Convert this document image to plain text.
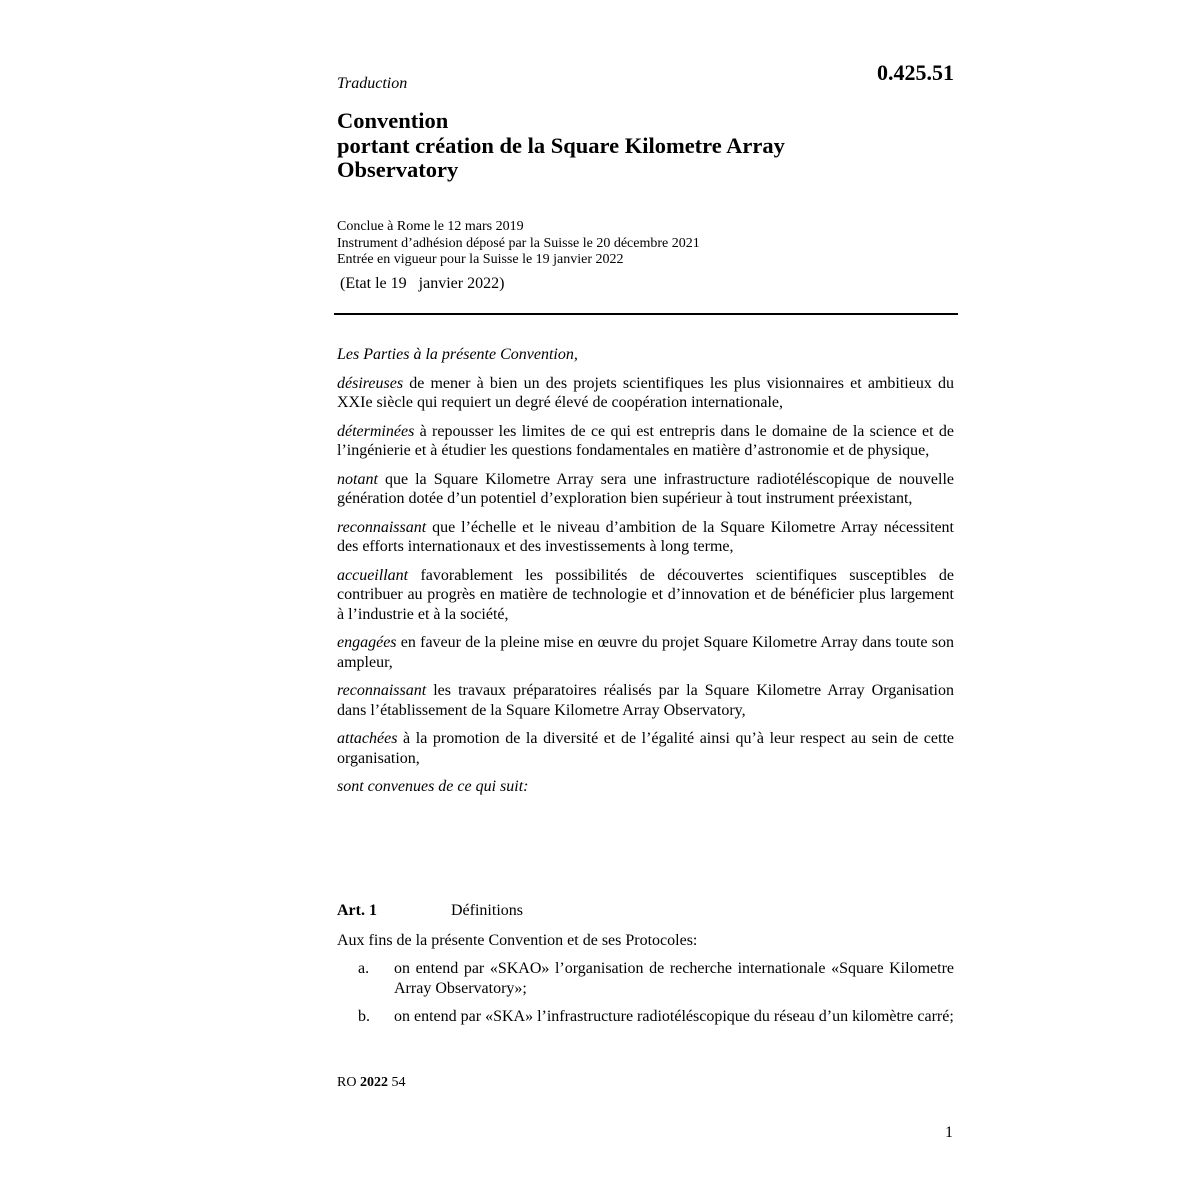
0.425.51
Traduction
Convention
portant création de la Square Kilometre Array
Observatory
Conclue à Rome le 12 mars 2019
Instrument d’adhésion déposé par la Suisse le 20 décembre 2021
Entrée en vigueur pour la Suisse le 19 janvier 2022
(Etat le 19   janvier 2022)

Les Parties à la présente Convention,

désireuses de mener à bien un des projets scientifiques les plus visionnaires et ambitieux du XXIe siècle qui requiert un degré élevé de coopération internationale,

déterminées à repousser les limites de ce qui est entrepris dans le domaine de la science et de l’ingénierie et à étudier les questions fondamentales en matière d’astronomie et de physique,

notant que la Square Kilometre Array sera une infrastructure radiotéléscopique de nouvelle génération dotée d’un potentiel d’exploration bien supérieur à tout instrument préexistant,

reconnaissant que l’échelle et le niveau d’ambition de la Square Kilometre Array nécessitent des efforts internationaux et des investissements à long terme,

accueillant favorablement les possibilités de découvertes scientifiques susceptibles de contribuer au progrès en matière de technologie et d’innovation et de bénéficier plus largement à l’industrie et à la société,

engagées en faveur de la pleine mise en œuvre du projet Square Kilometre Array dans toute son ampleur,

reconnaissant les travaux préparatoires réalisés par la Square Kilometre Array Organisation dans l’établissement de la Square Kilometre Array Observatory,

attachées à la promotion de la diversité et de l’égalité ainsi qu’à leur respect au sein de cette organisation,

sont convenues de ce qui suit:

Art. 1	Définitions
Aux fins de la présente Convention et de ses Protocoles:
a.	on entend par «SKAO» l’organisation de recherche internationale «Square Kilometre Array Observatory»;
b.	on entend par «SKA» l’infrastructure radiotéléscopique du réseau d’un kilomètre carré;
RO 2022 54
1
